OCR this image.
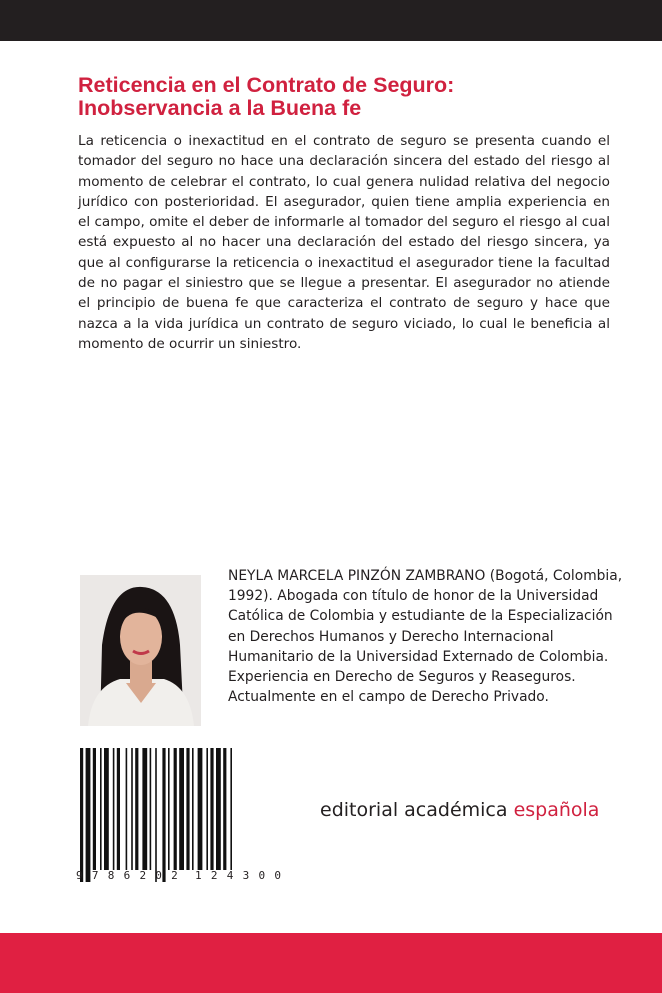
Reticencia en el Contrato de Seguro:
Inobservancia a la Buena fe
La reticencia o inexactitud en el contrato de seguro se presenta cuando el tomador del seguro no hace una declaración sincera del estado del riesgo al momento de celebrar el contrato, lo cual genera nulidad relativa del negocio jurídico con posterioridad. El asegurador, quien tiene amplia experiencia en el campo, omite el deber de informarle al tomador del seguro el riesgo al cual está expuesto al no hacer una declaración del estado del riesgo sincera, ya que al configurarse la reticencia o inexactitud el asegurador tiene la facultad de no pagar el siniestro que se llegue a presentar. El asegurador no atiende el principio de buena fe que caracteriza el contrato de seguro y hace que nazca a la vida jurídica un contrato de seguro viciado, lo cual le beneficia al momento de ocurrir un siniestro.
NEYLA MARCELA PINZÓN ZAMBRANO (Bogotá, Colombia, 1992). Abogada con título de honor de la Universidad Católica de Colombia y estudiante de la Especialización en Derechos Humanos y Derecho Internacional Humanitario de la Universidad Externado de Colombia. Experiencia en Derecho de Seguros y Reaseguros. Actualmente en el campo de Derecho Privado.
9 7 8 6 2 0 2 1 2 4 3 0 0
editorial académica española
